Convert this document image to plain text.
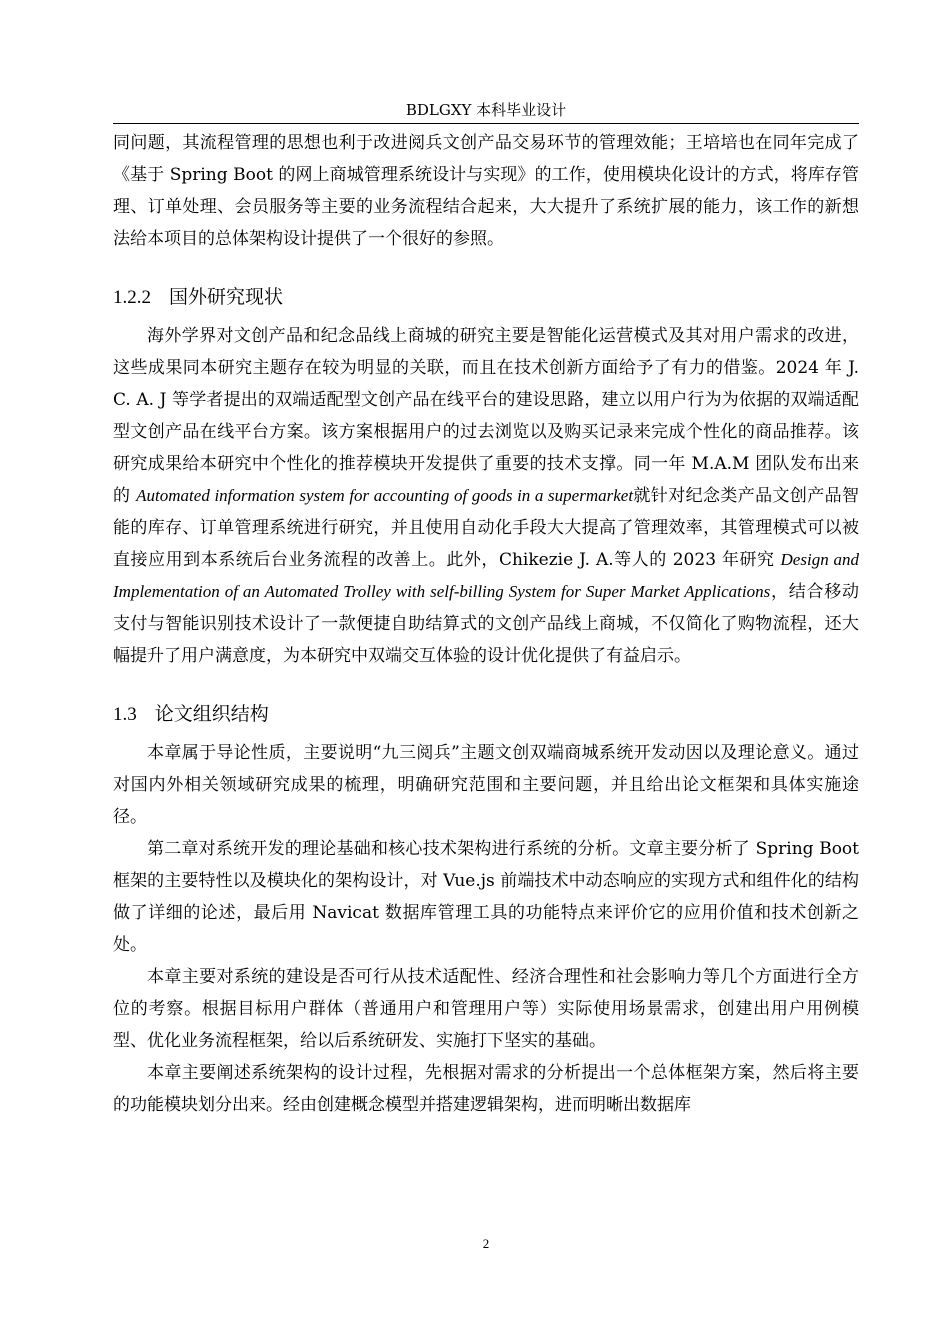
BDLGXY 本科毕业设计

同问题，其流程管理的思想也利于改进阅兵文创产品交易环节的管理效能；王培培也在同年完成了《基于 Spring Boot 的网上商城管理系统设计与实现》的工作，使用模块化设计的方式，将库存管理、订单处理、会员服务等主要的业务流程结合起来，大大提升了系统扩展的能力，该工作的新想法给本项目的总体架构设计提供了一个很好的参照。

1.2.2 国外研究现状

海外学界对文创产品和纪念品线上商城的研究主要是智能化运营模式及其对用户需求的改进，这些成果同本研究主题存在较为明显的关联，而且在技术创新方面给予了有力的借鉴。2024 年 J. C. A. J 等学者提出的双端适配型文创产品在线平台的建设思路，建立以用户行为为依据的双端适配型文创产品在线平台方案。该方案根据用户的过去浏览以及购买记录来完成个性化的商品推荐。该研究成果给本研究中个性化的推荐模块开发提供了重要的技术支撑。同一年 M.A.M 团队发布出来的 Automated information system for accounting of goods in a supermarket就针对纪念类产品文创产品智能的库存、订单管理系统进行研究，并且使用自动化手段大大提高了管理效率，其管理模式可以被直接应用到本系统后台业务流程的改善上。此外，Chikezie J. A.等人的 2023 年研究 Design and Implementation of an Automated Trolley with self-billing System for Super Market Applications，结合移动支付与智能识别技术设计了一款便捷自助结算式的文创产品线上商城，不仅简化了购物流程，还大幅提升了用户满意度，为本研究中双端交互体验的设计优化提供了有益启示。

1.3 论文组织结构

本章属于导论性质，主要说明“九三阅兵”主题文创双端商城系统开发动因以及理论意义。通过对国内外相关领域研究成果的梳理，明确研究范围和主要问题，并且给出论文框架和具体实施途径。

第二章对系统开发的理论基础和核心技术架构进行系统的分析。文章主要分析了 Spring Boot 框架的主要特性以及模块化的架构设计，对 Vue.js 前端技术中动态响应的实现方式和组件化的结构做了详细的论述，最后用 Navicat 数据库管理工具的功能特点来评价它的应用价值和技术创新之处。

本章主要对系统的建设是否可行从技术适配性、经济合理性和社会影响力等几个方面进行全方位的考察。根据目标用户群体（普通用户和管理用户等）实际使用场景需求，创建出用户用例模型、优化业务流程框架，给以后系统研发、实施打下坚实的基础。

本章主要阐述系统架构的设计过程，先根据对需求的分析提出一个总体框架方案，然后将主要的功能模块划分出来。经由创建概念模型并搭建逻辑架构，进而明晰出数据库

2
